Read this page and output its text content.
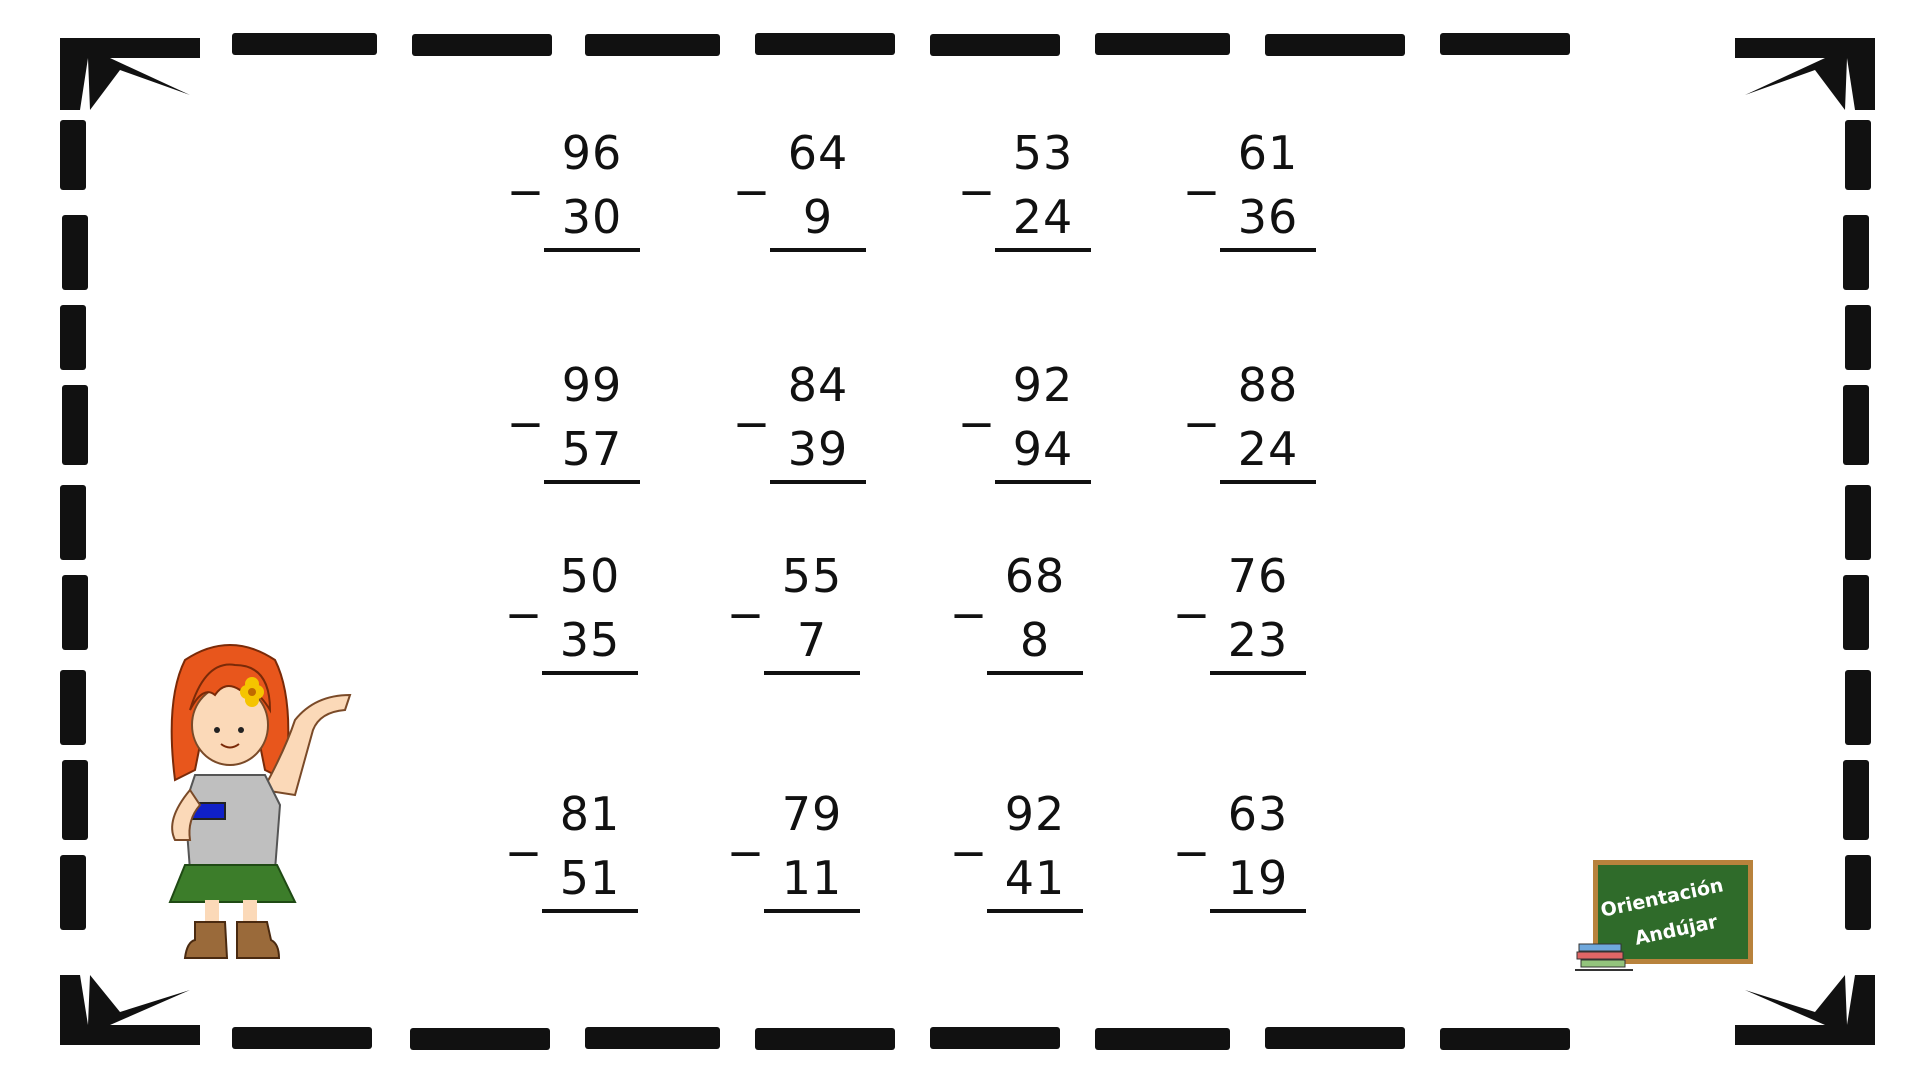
_ 96
30
_ 64
9
_ 53
24
_ 61
36
_ 99
57
_ 84
39
_ 92
94
_ 88
24
_ 50
35
_ 55
7
_ 68
8
_ 76
23
_ 81
51
_ 79
11
_ 92
41
_ 63
19	Orientación
Andújar
